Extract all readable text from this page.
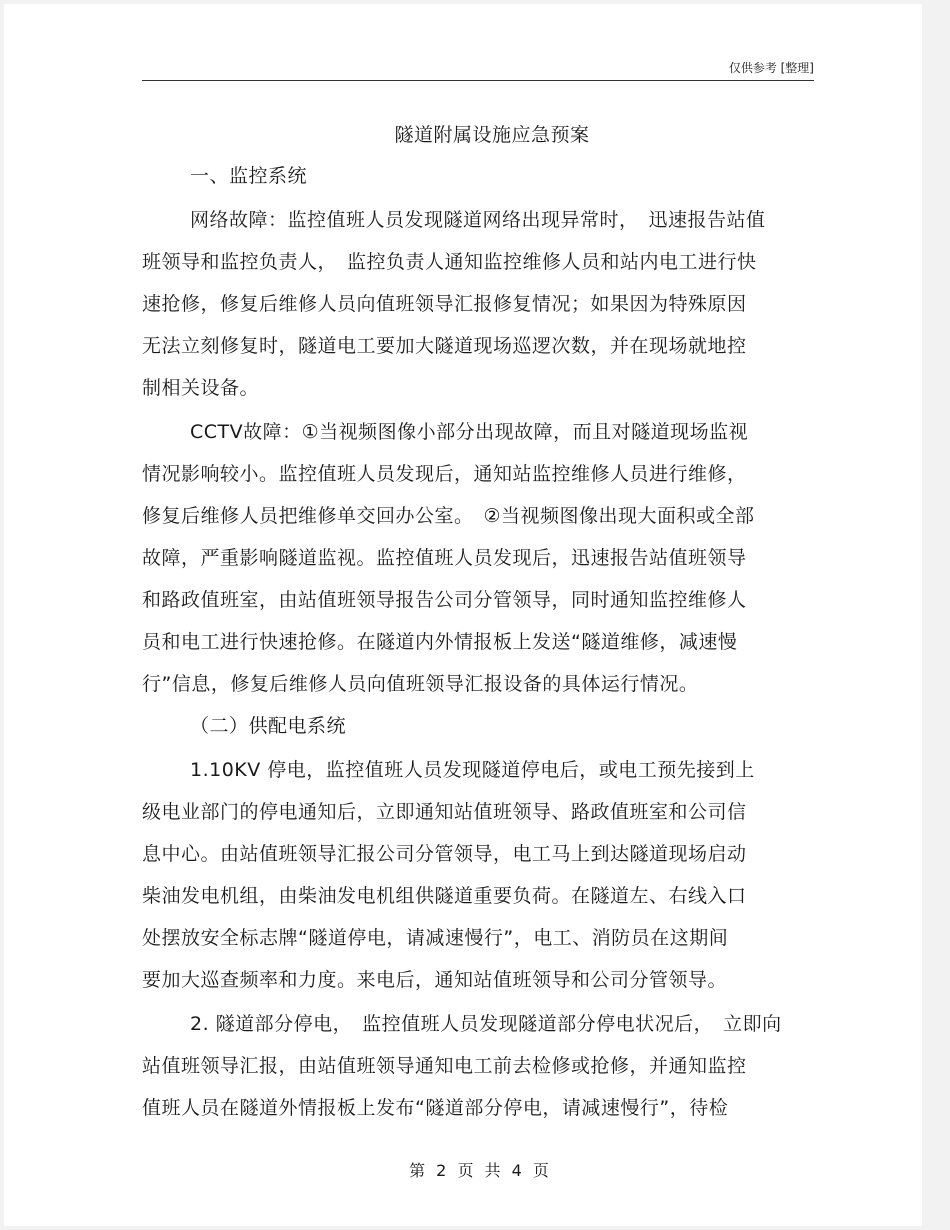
仅供参考 [整理]
隧道附属设施应急预案
一、监控系统
网络故障：监控值班人员发现隧道网络出现异常时，　迅速报告站值
班领导和监控负责人，　监控负责人通知监控维修人员和站内电工进行快
速抢修，修复后维修人员向值班领导汇报修复情况；如果因为特殊原因
无法立刻修复时，隧道电工要加大隧道现场巡逻次数，并在现场就地控
制相关设备。
CCTV故障：①当视频图像小部分出现故障，而且对隧道现场监视
情况影响较小。监控值班人员发现后，通知站监控维修人员进行维修，
修复后维修人员把维修单交回办公室。　②当视频图像出现大面积或全部
故障，严重影响隧道监视。监控值班人员发现后，迅速报告站值班领导
和路政值班室，由站值班领导报告公司分管领导，同时通知监控维修人
员和电工进行快速抢修。在隧道内外情报板上发送“隧道维修，减速慢
行”信息，修复后维修人员向值班领导汇报设备的具体运行情况。
（二）供配电系统
1.10KV 停电，监控值班人员发现隧道停电后，或电工预先接到上
级电业部门的停电通知后，立即通知站值班领导、路政值班室和公司信
息中心。由站值班领导汇报公司分管领导，电工马上到达隧道现场启动
柴油发电机组，由柴油发电机组供隧道重要负荷。在隧道左、右线入口
处摆放安全标志牌“隧道停电，请减速慢行”，电工、消防员在这期间
要加大巡查频率和力度。来电后，通知站值班领导和公司分管领导。
2. 隧道部分停电，　监控值班人员发现隧道部分停电状况后，　立即向
站值班领导汇报，由站值班领导通知电工前去检修或抢修，并通知监控
值班人员在隧道外情报板上发布“隧道部分停电，请减速慢行”，待检
第 2 页 共 4 页
